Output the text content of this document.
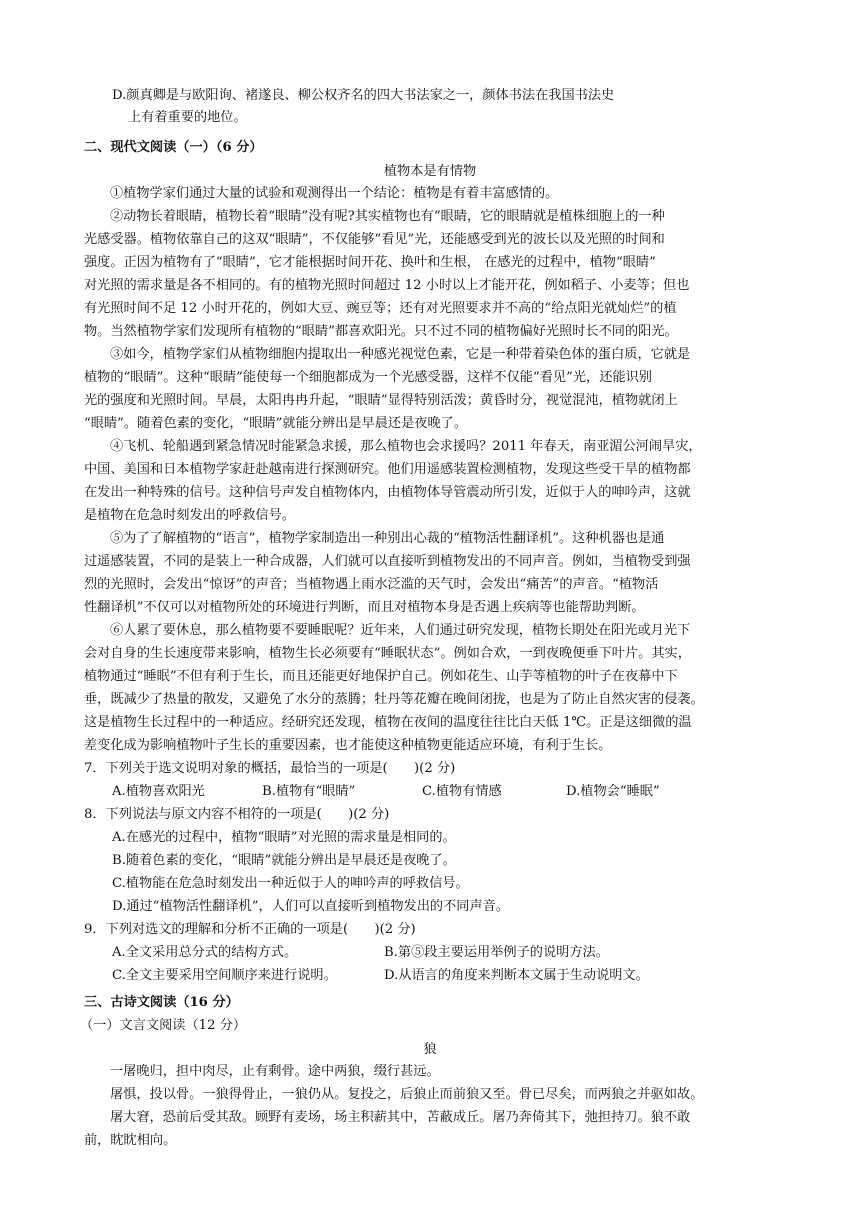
D.颜真卿是与欧阳询、褚遂良、柳公权齐名的四大书法家之一，颜体书法在我国书法史
上有着重要的地位。
二、现代文阅读（一）（6 分）
植物本是有情物
①植物学家们通过大量的试验和观测得出一个结论：植物是有着丰富感情的。
②动物长着眼睛，植物长着“眼睛”没有呢?其实植物也有“眼睛，它的眼睛就是植株细胞上的一种
光感受器。植物依靠自己的这双“眼睛”，不仅能够“看见”光，还能感受到光的波长以及光照的时间和
强度。正因为植物有了“眼睛”，它才能根据时间开花、换叶和生根， 在感光的过程中，植物“眼睛”
对光照的需求量是各不相同的。有的植物光照时间超过 12 小时以上才能开花，例如稻子、小麦等；但也
有光照时间不足 12 小时开花的，例如大豆、豌豆等；还有对光照要求并不高的“给点阳光就灿烂”的植
物。当然植物学家们发现所有植物的“眼睛”都喜欢阳光。只不过不同的植物偏好光照时长不同的阳光。
③如今，植物学家们从植物细胞内提取出一种感光视觉色素，它是一种带着染色体的蛋白质，它就是
植物的“眼睛”。这种“眼睛”能使每一个细胞都成为一个光感受器，这样不仅能“看见”光，还能识别
光的强度和光照时间。早晨，太阳冉冉升起，“眼睛”显得特别活泼；黄昏时分，视觉混沌，植物就闭上
“眼睛”。随着色素的变化，“眼睛”就能分辨出是早晨还是夜晚了。
④飞机、轮船遇到紧急情况时能紧急求援，那么植物也会求援吗？2011 年春天，南亚湄公河闹旱灾，
中国、美国和日本植物学家赶赴越南进行探测研究。他们用遥感装置检测植物，发现这些受干旱的植物都
在发出一种特殊的信号。这种信号声发自植物体内，由植物体导管震动所引发，近似于人的呻吟声，这就
是植物在危急时刻发出的呼救信号。
⑤为了了解植物的“语言”，植物学家制造出一种别出心裁的“植物活性翻译机”。这种机器也是通
过遥感装置，不同的是装上一种合成器，人们就可以直接听到植物发出的不同声音。例如，当植物受到强
烈的光照时，会发出“惊讶”的声音；当植物遇上雨水泛滥的天气时，会发出“痛苦”的声音。“植物活
性翻译机”不仅可以对植物所处的环境进行判断，而且对植物本身是否遇上疾病等也能帮助判断。
⑥人累了要休息，那么植物要不要睡眠呢？近年来，人们通过研究发现，植物长期处在阳光或月光下
会对自身的生长速度带来影响，植物生长必须要有“睡眠状态”。例如合欢，一到夜晚便垂下叶片。其实，
植物通过“睡眠”不但有利于生长，而且还能更好地保护自己。例如花生、山芋等植物的叶子在夜幕中下
垂，既减少了热量的散发，又避免了水分的蒸腾；牡丹等花瓣在晚间闭拢，也是为了防止自然灾害的侵袭。
这是植物生长过程中的一种适应。经研究还发现，植物在夜间的温度往往比白天低 1℃。正是这细微的温
差变化成为影响植物叶子生长的重要因素，也才能使这种植物更能适应环境，有利于生长。
7．下列关于选文说明对象的概括，最恰当的一项是(　　)(2 分)
A.植物喜欢阳光	B.植物有“眼睛”	C.植物有情感	D.植物会“睡眠”
8．下列说法与原文内容不相符的一项是(　　)(2 分)
A.在感光的过程中，植物“眼睛”对光照的需求量是相同的。
B.随着色素的变化，“眼睛”就能分辨出是早晨还是夜晚了。
C.植物能在危急时刻发出一种近似于人的呻吟声的呼救信号。
D.通过“植物活性翻译机”，人们可以直接听到植物发出的不同声音。
9．下列对选文的理解和分析不正确的一项是(　　)(2 分)
A.全文采用总分式的结构方式。	B.第⑤段主要运用举例子的说明方法。
C.全文主要采用空间顺序来进行说明。	D.从语言的角度来判断本文属于生动说明文。
三、古诗文阅读（16 分）
（一）文言文阅读（12 分）
狼
一屠晚归，担中肉尽，止有剩骨。途中两狼，缀行甚远。
屠惧，投以骨。一狼得骨止，一狼仍从。复投之，后狼止而前狼又至。骨已尽矣，而两狼之并驱如故。
屠大窘，恐前后受其敌。顾野有麦场，场主积薪其中，苫蔽成丘。屠乃奔倚其下，弛担持刀。狼不敢
前，眈眈相向。
